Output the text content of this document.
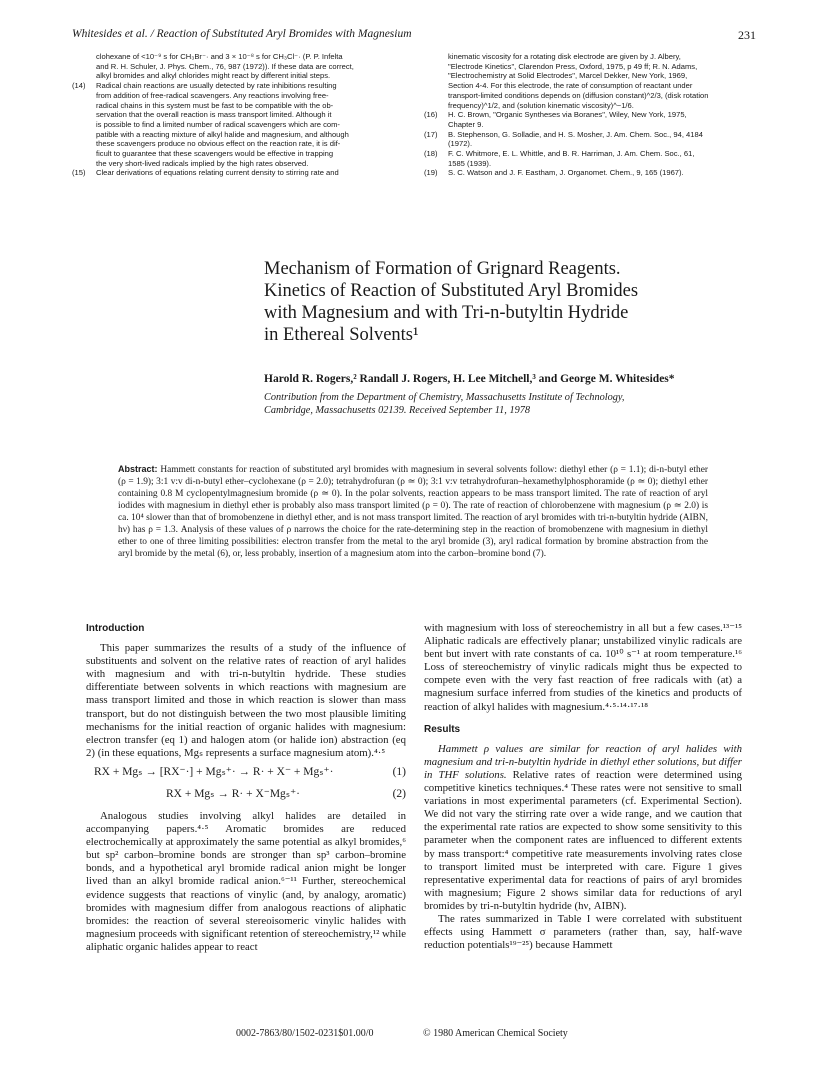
Whitesides et al. / Reaction of Substituted Aryl Bromides with Magnesium	231
clohexane of <10⁻⁹ s for CH₃Br⁻· and 3 × 10⁻⁸ s for CH₃Cl⁻· (P. P. Infelta
and R. H. Schuler, J. Phys. Chem., 76, 987 (1972)). If these data are correct,
alkyl bromides and alkyl chlorides might react by different initial steps.
(14)	Radical chain reactions are usually detected by rate inhibitions resulting
from addition of free-radical scavengers. Any reactions involving free-
radical chains in this system must be fast to be compatible with the ob-
servation that the overall reaction is mass transport limited. Although it
is possible to find a limited number of radical scavengers which are com-
patible with a reacting mixture of alkyl halide and magnesium, and although
these scavengers produce no obvious effect on the reaction rate, it is dif-
ficult to guarantee that these scavengers would be effective in trapping
the very short-lived radicals implied by the high rates observed.
(15)	Clear derivations of equations relating current density to stirring rate and
kinematic viscosity for a rotating disk electrode are given by J. Albery,
"Electrode Kinetics", Clarendon Press, Oxford, 1975, p 49 ff; R. N. Adams,
"Electrochemistry at Solid Electrodes", Marcel Dekker, New York, 1969,
Section 4-4. For this electrode, the rate of consumption of reactant under
transport-limited conditions depends on (diffusion constant)^2/3, (disk rotation
frequency)^1/2, and (solution kinematic viscosity)^−1/6.
(16)	H. C. Brown, "Organic Syntheses via Boranes", Wiley, New York, 1975,
Chapter 9.
(17)	B. Stephenson, G. Solladie, and H. S. Mosher, J. Am. Chem. Soc., 94, 4184
(1972).
(18)	F. C. Whitmore, E. L. Whittle, and B. R. Harriman, J. Am. Chem. Soc., 61,
1585 (1939).
(19)	S. C. Watson and J. F. Eastham, J. Organomet. Chem., 9, 165 (1967).
Mechanism of Formation of Grignard Reagents.
Kinetics of Reaction of Substituted Aryl Bromides
with Magnesium and with Tri-n-butyltin Hydride
in Ethereal Solvents¹
Harold R. Rogers,² Randall J. Rogers, H. Lee Mitchell,³ and George M. Whitesides*
Contribution from the Department of Chemistry, Massachusetts Institute of Technology,
Cambridge, Massachusetts 02139. Received September 11, 1978
Abstract: Hammett constants for reaction of substituted aryl bromides with magnesium in several solvents follow: diethyl ether (ρ = 1.1); di-n-butyl ether (ρ = 1.9); 3:1 v:v di-n-butyl ether–cyclohexane (ρ = 2.0); tetrahydrofuran (ρ ≃ 0); 3:1 v:v tetrahydrofuran–hexamethylphosphoramide (ρ ≃ 0); diethyl ether containing 0.8 M cyclopentylmagnesium bromide (ρ ≃ 0). In the polar solvents, reaction appears to be mass transport limited. The rate of reaction of aryl iodides with magnesium in diethyl ether is probably also mass transport limited (ρ = 0). The rate of reaction of chlorobenzene with magnesium (ρ ≃ 2.0) is ca. 10⁴ slower than that of bromobenzene in diethyl ether, and is not mass transport limited. The reaction of aryl bromides with tri-n-butyltin hydride (AIBN, hν) has ρ = 1.3. Analysis of these values of ρ narrows the choice for the rate-determining step in the reaction of bromobenzene with magnesium in diethyl ether to one of three limiting possibilities: electron transfer from the metal to the aryl bromide (3), aryl radical formation by bromine abstraction from the aryl bromide by the metal (6), or, less probably, insertion of a magnesium atom into the carbon–bromine bond (7).
Introduction

This paper summarizes the results of a study of the influence of substituents and solvent on the relative rates of reaction of aryl halides with magnesium and with tri-n-butyltin hydride. These studies differentiate between solvents in which reactions with magnesium are mass transport limited and those in which reaction is slower than mass transport, but do not distinguish between the two most plausible limiting mechanisms for the initial reaction of organic halides with magnesium: electron transfer (eq 1) and halogen atom (or halide ion) abstraction (eq 2) (in these equations, Mgₛ represents a surface magnesium atom).⁴·⁵

RX + Mgₛ → [RX⁻·] + Mgₛ⁺· → R· + X⁻ + Mgₛ⁺·	(1)
RX + Mgₛ → R· + X⁻Mgₛ⁺·	(2)

Analogous studies involving alkyl halides are detailed in accompanying papers.⁴·⁵ Aromatic bromides are reduced electrochemically at approximately the same potential as alkyl bromides,⁶ but sp² carbon–bromine bonds are stronger than sp³ carbon–bromine bonds, and a hypothetical aryl bromide radical anion might be longer lived than an alkyl bromide radical anion.⁶⁻¹¹ Further, stereochemical evidence suggests that reactions of vinylic (and, by analogy, aromatic) bromides with magnesium differ from analogous reactions of aliphatic bromides: the reaction of several stereoisomeric vinylic halides with magnesium proceeds with significant retention of stereochemistry,¹² while aliphatic organic halides appear to react

with magnesium with loss of stereochemistry in all but a few cases.¹³⁻¹⁵ Aliphatic radicals are effectively planar; unstabilized vinylic radicals are bent but invert with rate constants of ca. 10¹⁰ s⁻¹ at room temperature.¹⁶ Loss of stereochemistry of vinylic radicals might thus be expected to compete even with the very fast reaction of free radicals with (at) a magnesium surface inferred from studies of the kinetics and products of reaction of alkyl halides with magnesium.⁴·⁵·¹⁴·¹⁷·¹⁸

Results

Hammett ρ values are similar for reaction of aryl halides with magnesium and tri-n-butyltin hydride in diethyl ether solutions, but differ in THF solutions. Relative rates of reaction were determined using competitive kinetics techniques.⁴ These rates were not sensitive to small variations in most experimental parameters (cf. Experimental Section). We did not vary the stirring rate over a wide range, and we caution that the experimental rate ratios are expected to show some sensitivity to this parameter when the component rates are influenced to different extents by mass transport:⁴ competitive rate measurements involving rates close to transport limited must be interpreted with care. Figure 1 gives representative experimental data for reactions of pairs of aryl bromides with magnesium; Figure 2 shows similar data for reductions of aryl bromides by tri-n-butyltin hydride (hν, AIBN).

The rates summarized in Table I were correlated with substituent effects using Hammett σ parameters (rather than, say, half-wave reduction potentials¹⁹⁻²⁵) because Hammett

0002-7863/80/1502-0231$01.00/0	© 1980 American Chemical Society
